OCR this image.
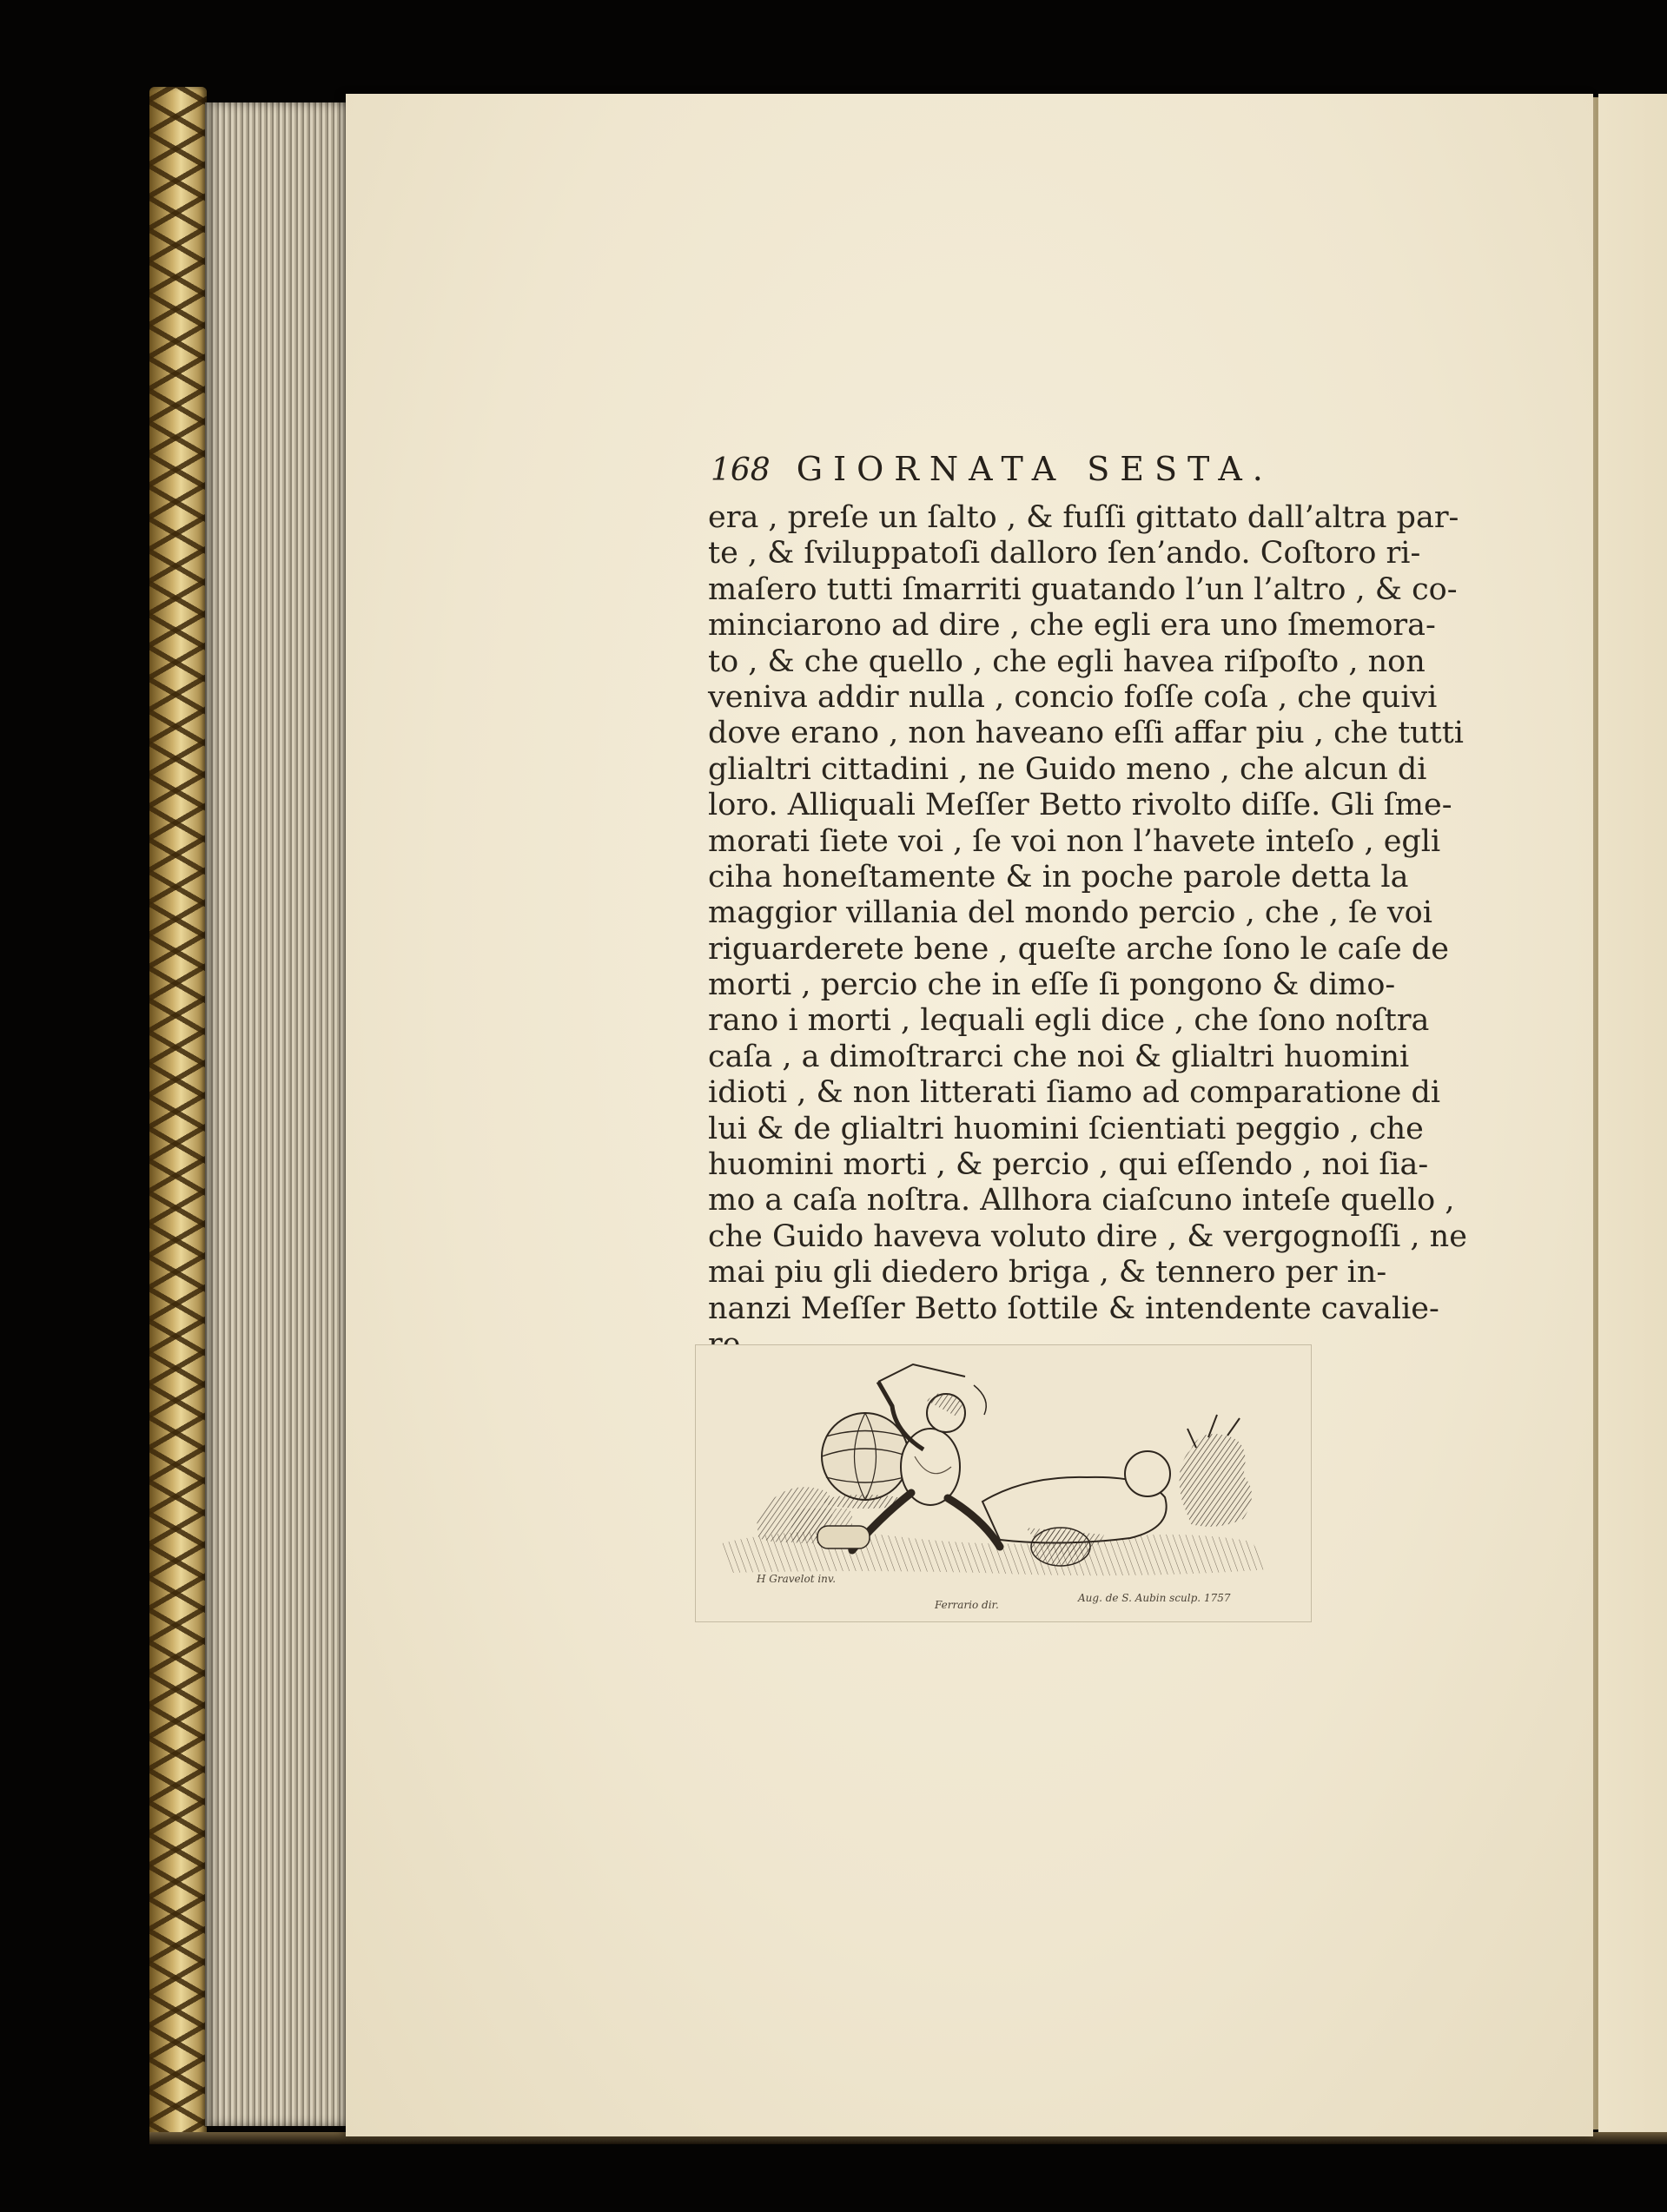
168 GIORNATA SESTA.
era , preſe un ſalto , & fuſſi gittato dall’altra par-
te , & ſviluppatoſi dalloro ſen’ando. Coſtoro ri-
maſero tutti ſmarriti guatando l’un l’altro , & co-
minciarono ad dire , che egli era uno ſmemora-
to , & che quello , che egli havea riſpoſto , non
veniva addir nulla , concio foſſe coſa , che quivi
dove erano , non haveano eſſi affar piu , che tutti
glialtri cittadini , ne Guido meno , che alcun di
loro. Alliquali Meſſer Betto rivolto diſſe. Gli ſme-
morati ſiete voi , ſe voi non l’havete inteſo , egli
ciha honeſtamente & in poche parole detta la
maggior villania del mondo percio , che , ſe voi
riguarderete bene , queſte arche ſono le caſe de
morti , percio che in eſſe ſi pongono & dimo-
rano i morti , lequali egli dice , che ſono noſtra
caſa , a dimoſtrarci che noi & glialtri huomini
idioti , & non litterati ſiamo ad comparatione di
lui & de glialtri huomini ſcientiati peggio , che
huomini morti , & percio , qui eſſendo , noi ſia-
mo a caſa noſtra. Allhora ciaſcuno inteſe quello ,
che Guido haveva voluto dire , & vergognoſſi , ne
mai piu gli diedero briga , & tennero per in-
nanzi Meſſer Betto ſottile & intendente cavalie-
H Gravelot inv.
Ferrario dir.
Aug. de S. Aubin sculp. 1757
